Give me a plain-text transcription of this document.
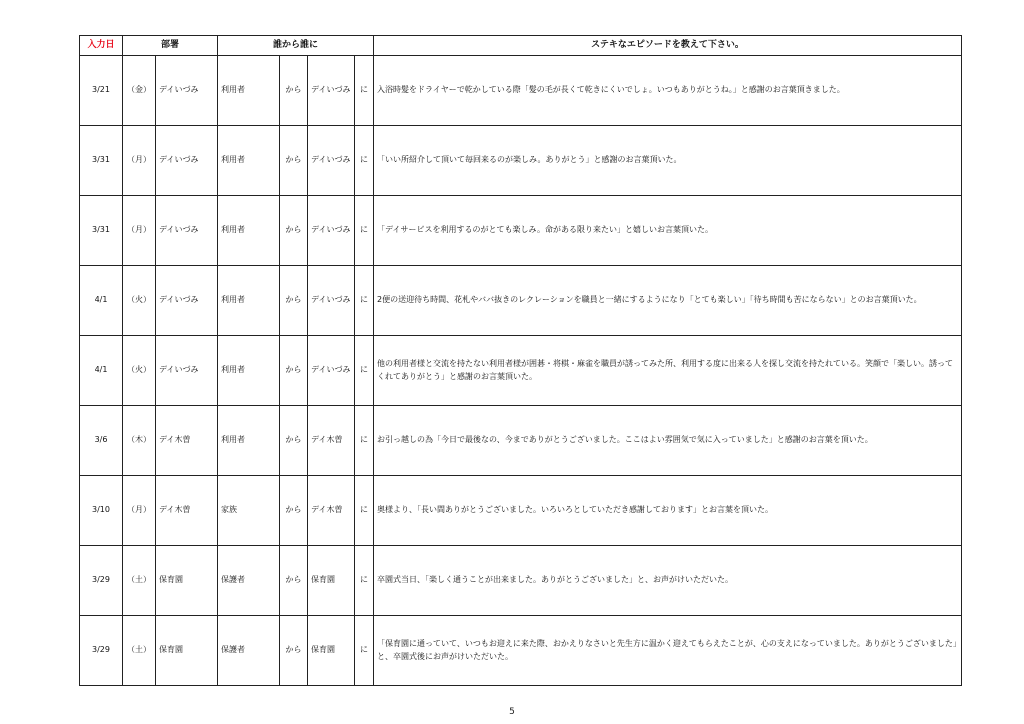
入力日	部署		誰から誰に				ステキなエピソードを教えて下さい。
3/21	（金）	デイいづみ	利用者	から	デイいづみ	に	入浴時髪をドライヤーで乾かしている際「髪の毛が長くて乾きにくいでしょ。いつもありがとうね。」と感謝のお言葉頂きました。
3/31	（月）	デイいづみ	利用者	から	デイいづみ	に	「いい所紹介して頂いて毎回来るのが楽しみ。ありがとう」と感謝のお言葉頂いた。
3/31	（月）	デイいづみ	利用者	から	デイいづみ	に	「デイサービスを利用するのがとても楽しみ。命がある限り来たい」と嬉しいお言葉頂いた。
4/1	（火）	デイいづみ	利用者	から	デイいづみ	に	2便の送迎待ち時間、花札やババ抜きのレクレーションを職員と一緒にするようになり「とても楽しい」「待ち時間も苦にならない」とのお言葉頂いた。
4/1	（火）	デイいづみ	利用者	から	デイいづみ	に	他の利用者様と交流を持たない利用者様が囲碁・将棋・麻雀を職員が誘ってみた所、利用する度に出来る人を探し交流を持たれている。笑顔で「楽しい。誘ってくれてありがとう」と感謝のお言葉頂いた。
3/6	（木）	デイ木曽	利用者	から	デイ木曽	に	お引っ越しの為「今日で最後なの、今までありがとうございました。ここはよい雰囲気で気に入っていました」と感謝のお言葉を頂いた。
3/10	（月）	デイ木曽	家族	から	デイ木曽	に	奥様より、「長い間ありがとうございました。いろいろとしていただき感謝しております」とお言葉を頂いた。
3/29	（土）	保育園	保護者	から	保育園	に	卒園式当日、「楽しく通うことが出来ました。ありがとうございました」と、お声がけいただいた。
3/29	（土）	保育園	保護者	から	保育園	に	「保育園に通っていて、いつもお迎えに来た際、おかえりなさいと先生方に温かく迎えてもらえたことが、心の支えになっていました。ありがとうございました」と、卒園式後にお声がけいただいた。
5
